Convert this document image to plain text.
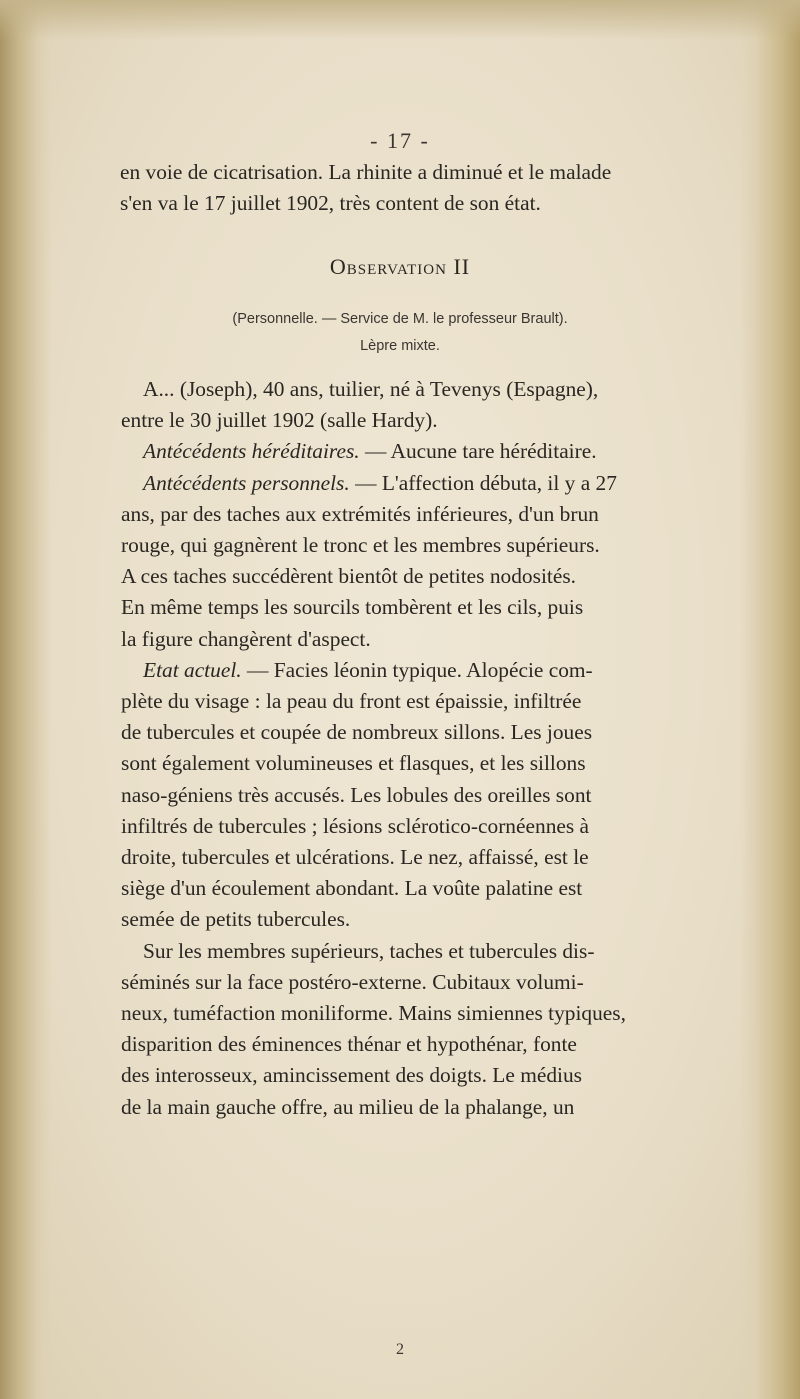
- 17 -
en voie de cicatrisation. La rhinite a diminué et le malade
s'en va le 17 juillet 1902, très content de son état.
Observation II
(Personnelle. — Service de M. le professeur Brault).
Lèpre mixte.
A... (Joseph), 40 ans, tuilier, né à Tevenys (Espagne),
entre le 30 juillet 1902 (salle Hardy).
Antécédents héréditaires. — Aucune tare héréditaire.
Antécédents personnels. — L'affection débuta, il y a 27
ans, par des taches aux extrémités inférieures, d'un brun
rouge, qui gagnèrent le tronc et les membres supérieurs.
A ces taches succédèrent bientôt de petites nodosités.
En même temps les sourcils tombèrent et les cils, puis
la figure changèrent d'aspect.
Etat actuel. — Facies léonin typique. Alopécie com-
plète du visage : la peau du front est épaissie, infiltrée
de tubercules et coupée de nombreux sillons. Les joues
sont également volumineuses et flasques, et les sillons
naso-géniens très accusés. Les lobules des oreilles sont
infiltrés de tubercules ; lésions sclérotico-cornéennes à
droite, tubercules et ulcérations. Le nez, affaissé, est le
siège d'un écoulement abondant. La voûte palatine est
semée de petits tubercules.
Sur les membres supérieurs, taches et tubercules dis-
séminés sur la face postéro-externe. Cubitaux volumi-
neux, tuméfaction moniliforme. Mains simiennes typiques,
disparition des éminences thénar et hypothénar, fonte
des interosseux, amincissement des doigts. Le médius
de la main gauche offre, au milieu de la phalange, un
2
